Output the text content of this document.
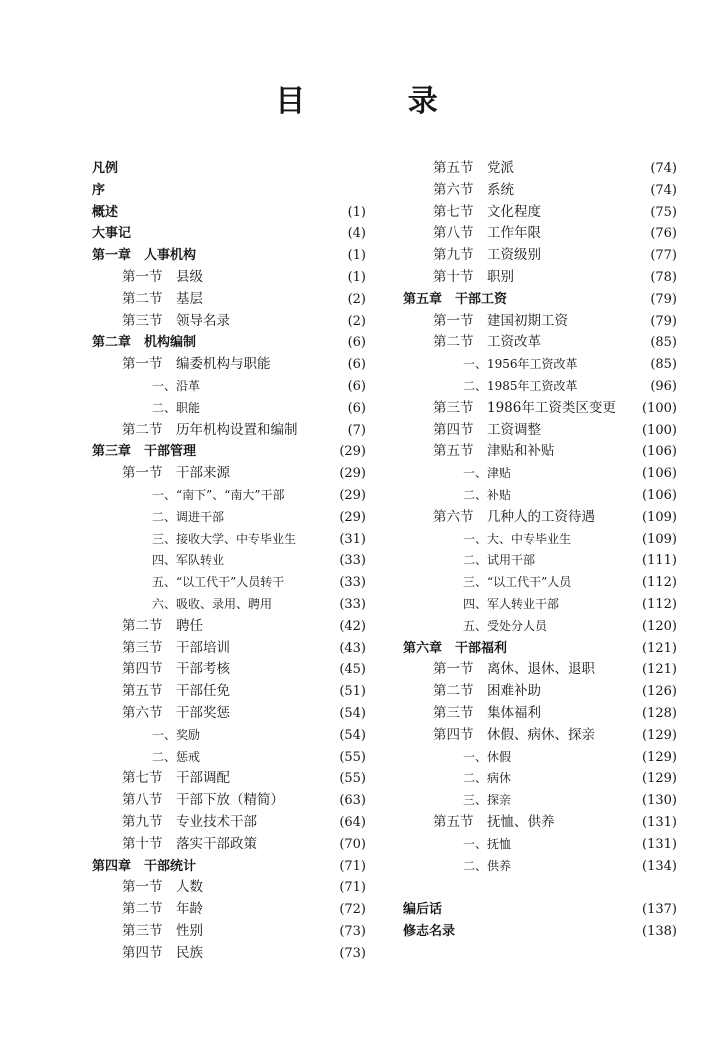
目 录
凡例
序
概述	(1)
大事记	(4)
第一章　人事机构	(1)
第一节　县级	(1)
第二节　基层	(2)
第三节　领导名录	(2)
第二章　机构编制	(6)
第一节　编委机构与职能	(6)
一、沿革	(6)
二、职能	(6)
第二节　历年机构设置和编制	(7)
第三章　干部管理	(29)
第一节　干部来源	(29)
一、“南下”、“南大”干部	(29)
二、调进干部	(29)
三、接收大学、中专毕业生	(31)
四、军队转业	(33)
五、“以工代干”人员转干	(33)
六、吸收、录用、聘用	(33)
第二节　聘任	(42)
第三节　干部培训	(43)
第四节　干部考核	(45)
第五节　干部任免	(51)
第六节　干部奖惩	(54)
一、奖励	(54)
二、惩戒	(55)
第七节　干部调配	(55)
第八节　干部下放（精简）	(63)
第九节　专业技术干部	(64)
第十节　落实干部政策	(70)
第四章　干部统计	(71)
第一节　人数	(71)
第二节　年龄	(72)
第三节　性别	(73)
第四节　民族	(73)
第五节　党派	(74)
第六节　系统	(74)
第七节　文化程度	(75)
第八节　工作年限	(76)
第九节　工资级别	(77)
第十节　职别	(78)
第五章　干部工资	(79)
第一节　建国初期工资	(79)
第二节　工资改革	(85)
一、1956年工资改革	(85)
二、1985年工资改革	(96)
第三节　1986年工资类区变更 (100)
第四节　工资调整	(100)
第五节　津贴和补贴	(106)
一、津贴	(106)
二、补贴	(106)
第六节　几种人的工资待遇	(109)
一、大、中专毕业生	(109)
二、试用干部	(111)
三、“以工代干”人员	(112)
四、军人转业干部	(112)
五、受处分人员	(120)
第六章　干部福利	(121)
第一节　离休、退休、退职	(121)
第二节　困难补助	(126)
第三节　集体福利	(128)
第四节　休假、病休、探亲	(129)
一、休假	(129)
二、病休	(129)
三、探亲	(130)
第五节　抚恤、供养	(131)
一、抚恤	(131)
二、供养	(134)
编后话	(137)
修志名录	(138)
